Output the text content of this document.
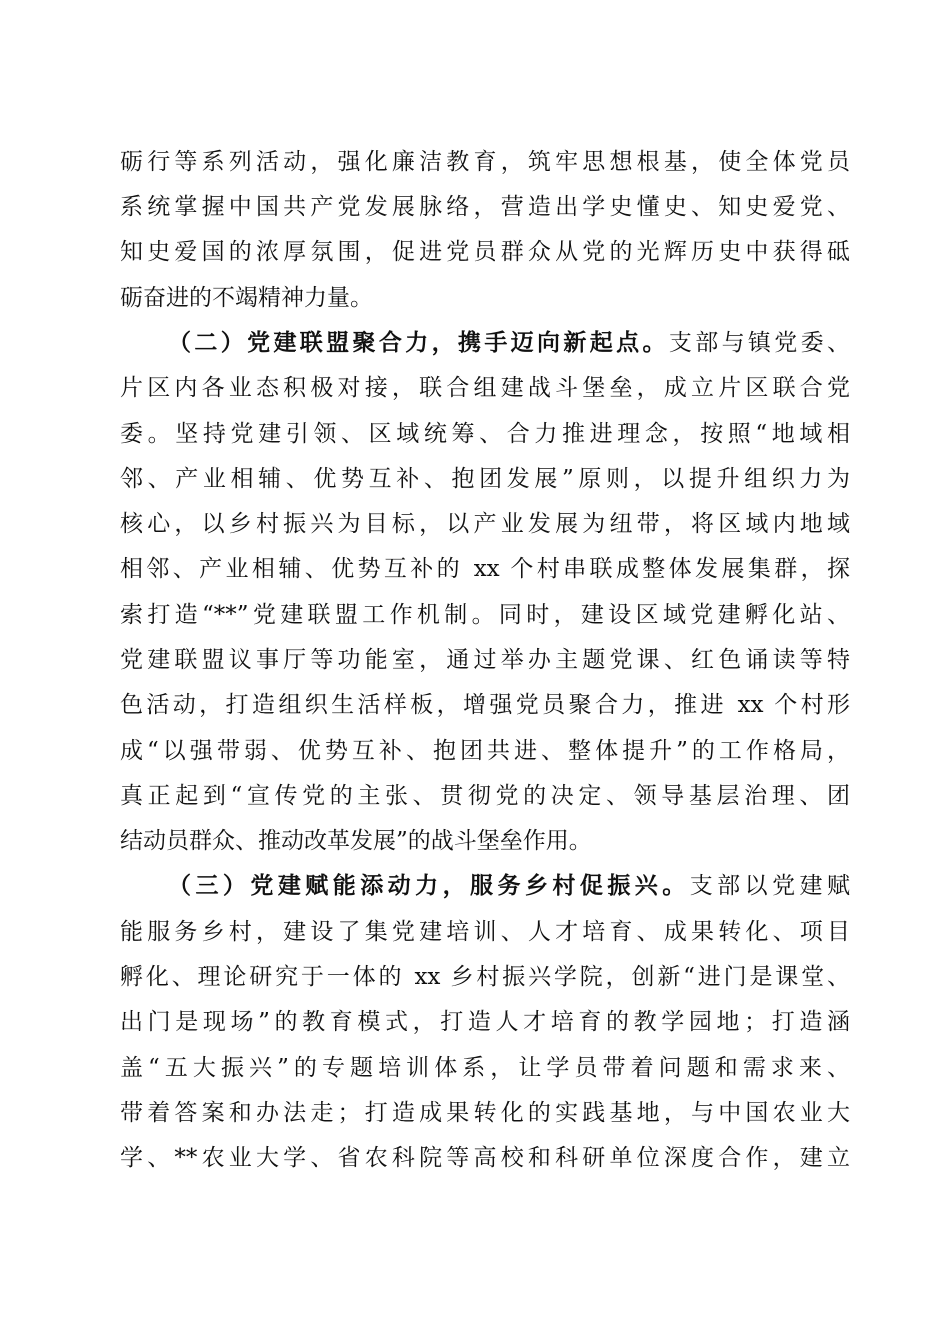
砺行等系列活动，强化廉洁教育，筑牢思想根基，使全体党员
系统掌握中国共产党发展脉络，营造出学史懂史、知史爱党、
知史爱国的浓厚氛围，促进党员群众从党的光辉历史中获得砥
砺奋进的不竭精神力量。
（二）党建联盟聚合力，携手迈向新起点。支部与镇党委、
片区内各业态积极对接，联合组建战斗堡垒，成立片区联合党
委。坚持党建引领、区域统筹、合力推进理念，按照“地域相
邻、产业相辅、优势互补、抱团发展”原则，以提升组织力为
核心，以乡村振兴为目标，以产业发展为纽带，将区域内地域
相邻、产业相辅、优势互补的 xx 个村串联成整体发展集群，探
索打造“**”党建联盟工作机制。同时，建设区域党建孵化站、
党建联盟议事厅等功能室，通过举办主题党课、红色诵读等特
色活动，打造组织生活样板，增强党员聚合力，推进 xx 个村形
成“以强带弱、优势互补、抱团共进、整体提升”的工作格局，
真正起到“宣传党的主张、贯彻党的决定、领导基层治理、团
结动员群众、推动改革发展”的战斗堡垒作用。
（三）党建赋能添动力，服务乡村促振兴。支部以党建赋
能服务乡村，建设了集党建培训、人才培育、成果转化、项目
孵化、理论研究于一体的 xx 乡村振兴学院，创新“进门是课堂、
出门是现场”的教育模式，打造人才培育的教学园地；打造涵
盖“五大振兴”的专题培训体系，让学员带着问题和需求来、
带着答案和办法走；打造成果转化的实践基地，与中国农业大
学、**农业大学、省农科院等高校和科研单位深度合作，建立
